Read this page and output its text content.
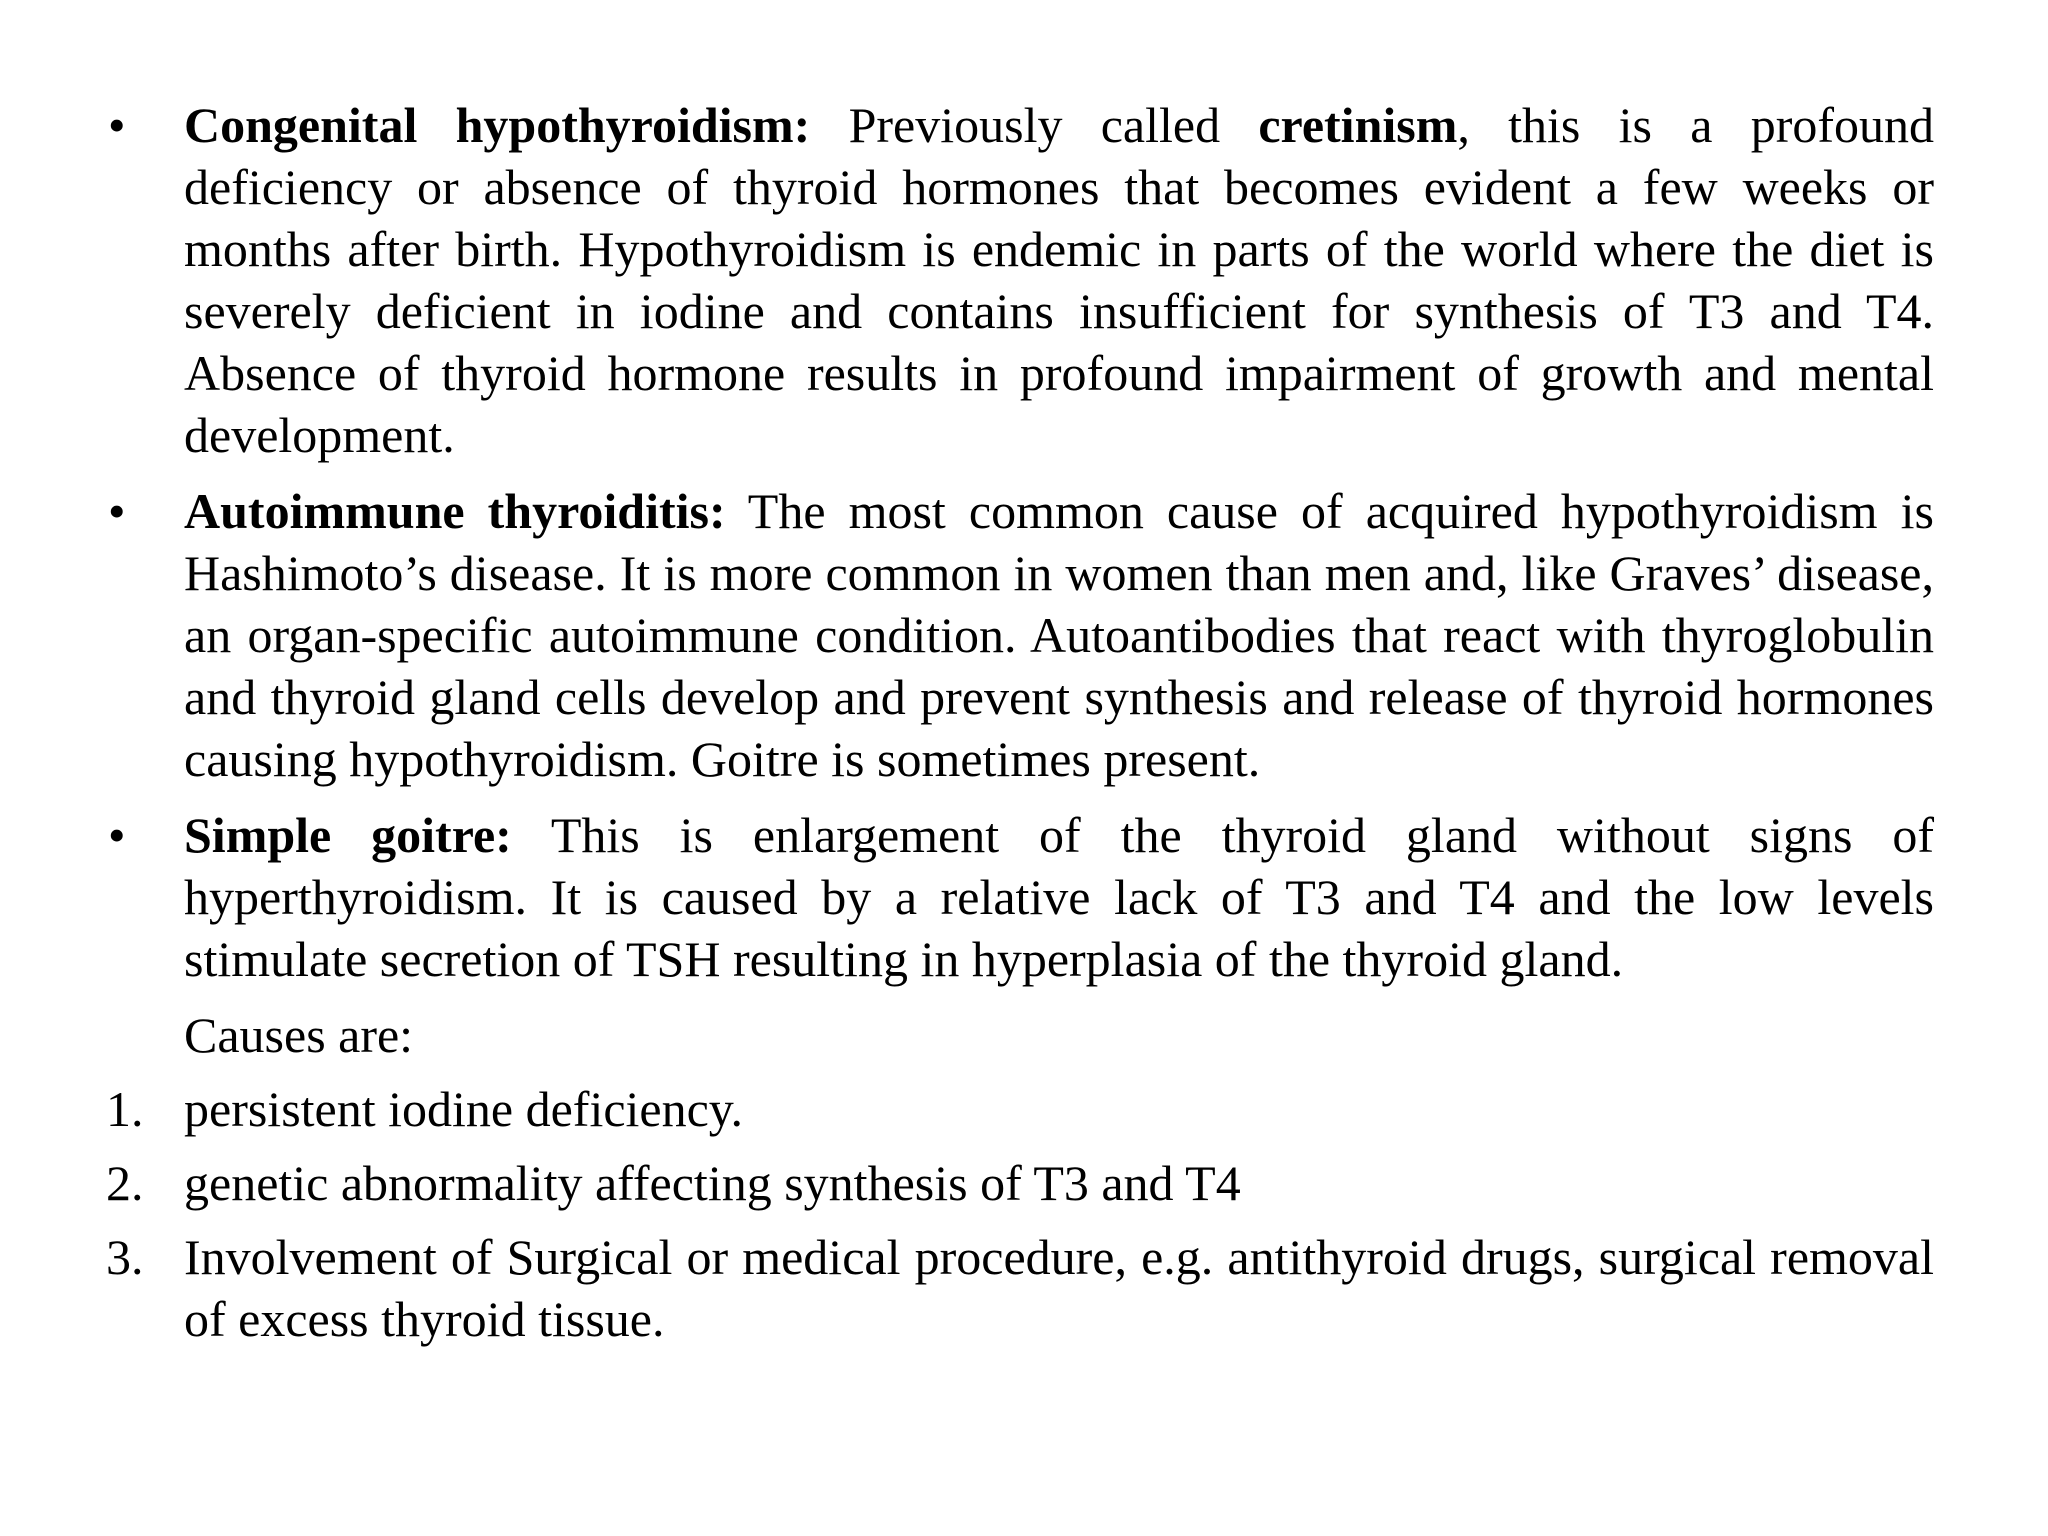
• Congenital hypothyroidism: Previously called cretinism, this is a profound deficiency or absence of thyroid hormones that becomes evident a few weeks or months after birth. Hypothyroidism is endemic in parts of the world where the diet is severely deficient in iodine and contains insufficient for synthesis of T3 and T4. Absence of thyroid hormone results in profound impairment of growth and mental development.
• Autoimmune thyroiditis: The most common cause of acquired hypothyroidism is Hashimoto’s disease. It is more common in women than men and, like Graves’ disease, an organ-specific autoimmune condition. Autoantibodies that react with thyroglobulin and thyroid gland cells develop and prevent synthesis and release of thyroid hormones causing hypothyroidism. Goitre is sometimes present.
• Simple goitre: This is enlargement of the thyroid gland without signs of hyperthyroidism. It is caused by a relative lack of T3 and T4 and the low levels stimulate secretion of TSH resulting in hyperplasia of the thyroid gland.
Causes are:
1. persistent iodine deficiency.
2. genetic abnormality affecting synthesis of T3 and T4
3. Involvement of Surgical or medical procedure, e.g. antithyroid drugs, surgical removal of excess thyroid tissue.
